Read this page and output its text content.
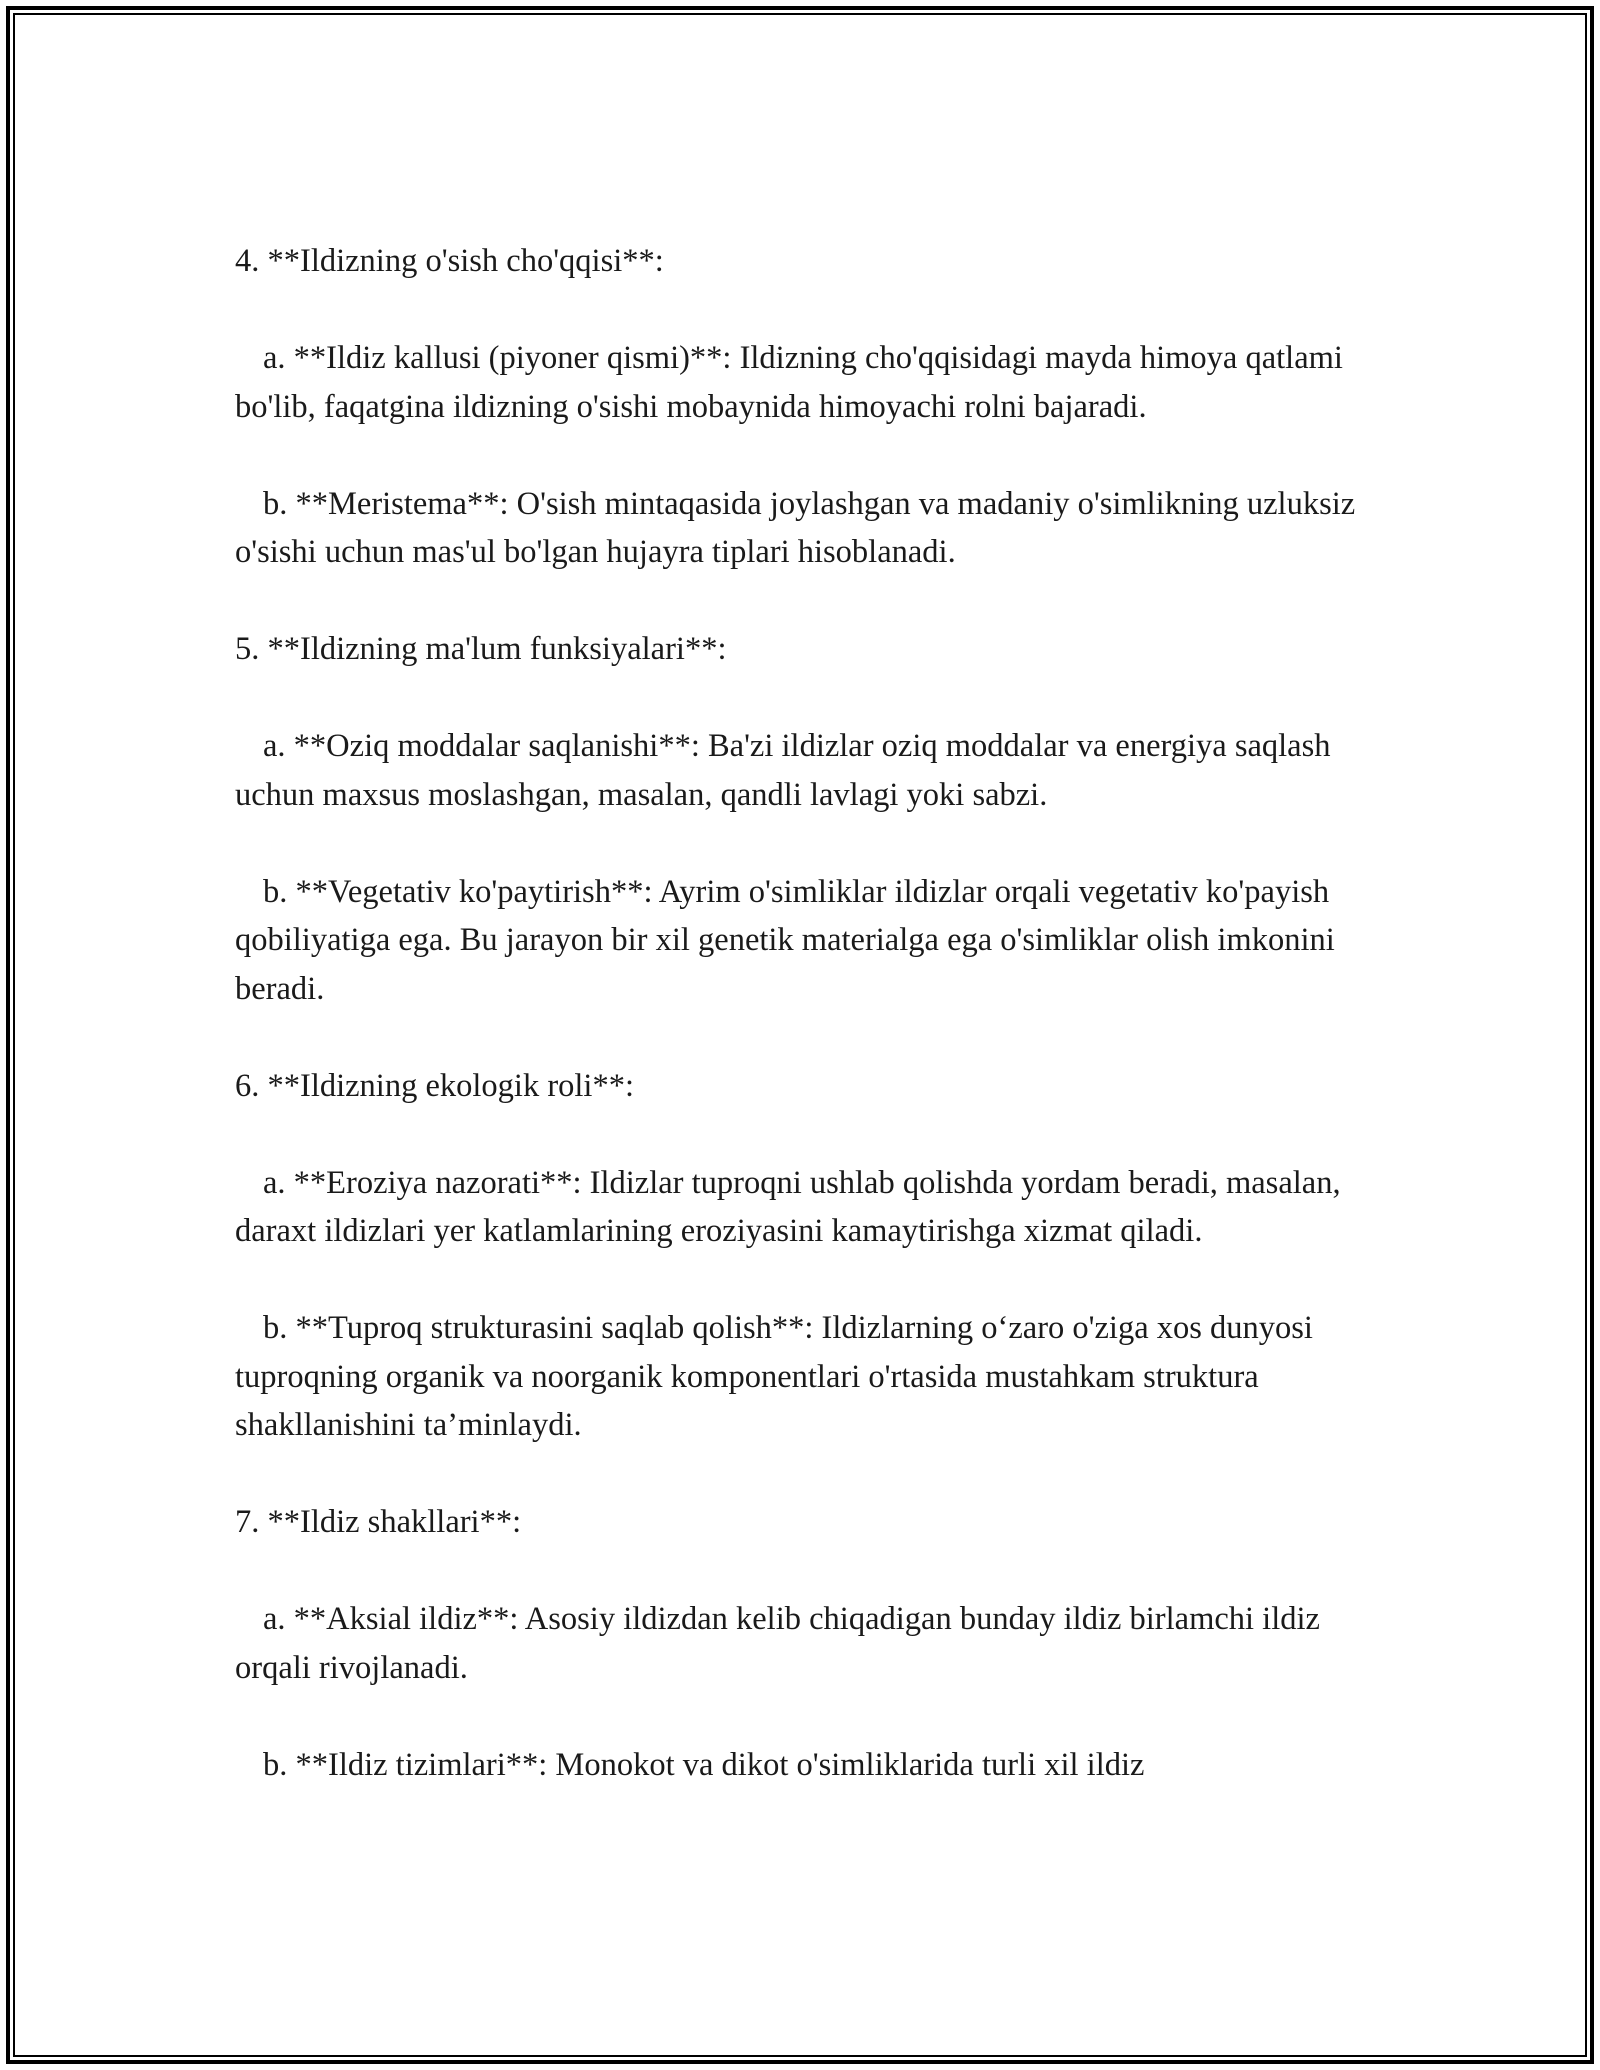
4. **Ildizning o'sish cho'qqisi**:

a. **Ildiz kallusi (piyoner qismi)**: Ildizning cho'qqisidagi mayda himoya qatlami bo'lib, faqatgina ildizning o'sishi mobaynida himoyachi rolni bajaradi.

b. **Meristema**: O'sish mintaqasida joylashgan va madaniy o'simlikning uzluksiz o'sishi uchun mas'ul bo'lgan hujayra tiplari hisoblanadi.

5. **Ildizning ma'lum funksiyalari**:

a. **Oziq moddalar saqlanishi**: Ba'zi ildizlar oziq moddalar va energiya saqlash uchun maxsus moslashgan, masalan, qandli lavlagi yoki sabzi.

b. **Vegetativ ko'paytirish**: Ayrim o'simliklar ildizlar orqali vegetativ ko'payish qobiliyatiga ega. Bu jarayon bir xil genetik materialga ega o'simliklar olish imkonini beradi.

6. **Ildizning ekologik roli**:

a. **Eroziya nazorati**: Ildizlar tuproqni ushlab qolishda yordam beradi, masalan, daraxt ildizlari yer katlamlarining eroziyasini kamaytirishga xizmat qiladi.

b. **Tuproq strukturasini saqlab qolish**: Ildizlarning o‘zaro o'ziga xos dunyosi tuproqning organik va noorganik komponentlari o'rtasida mustahkam struktura shakllanishini ta’minlaydi.

7. **Ildiz shakllari**:

a. **Aksial ildiz**: Asosiy ildizdan kelib chiqadigan bunday ildiz birlamchi ildiz orqali rivojlanadi.

b. **Ildiz tizimlari**: Monokot va dikot o'simliklarida turli xil ildiz
